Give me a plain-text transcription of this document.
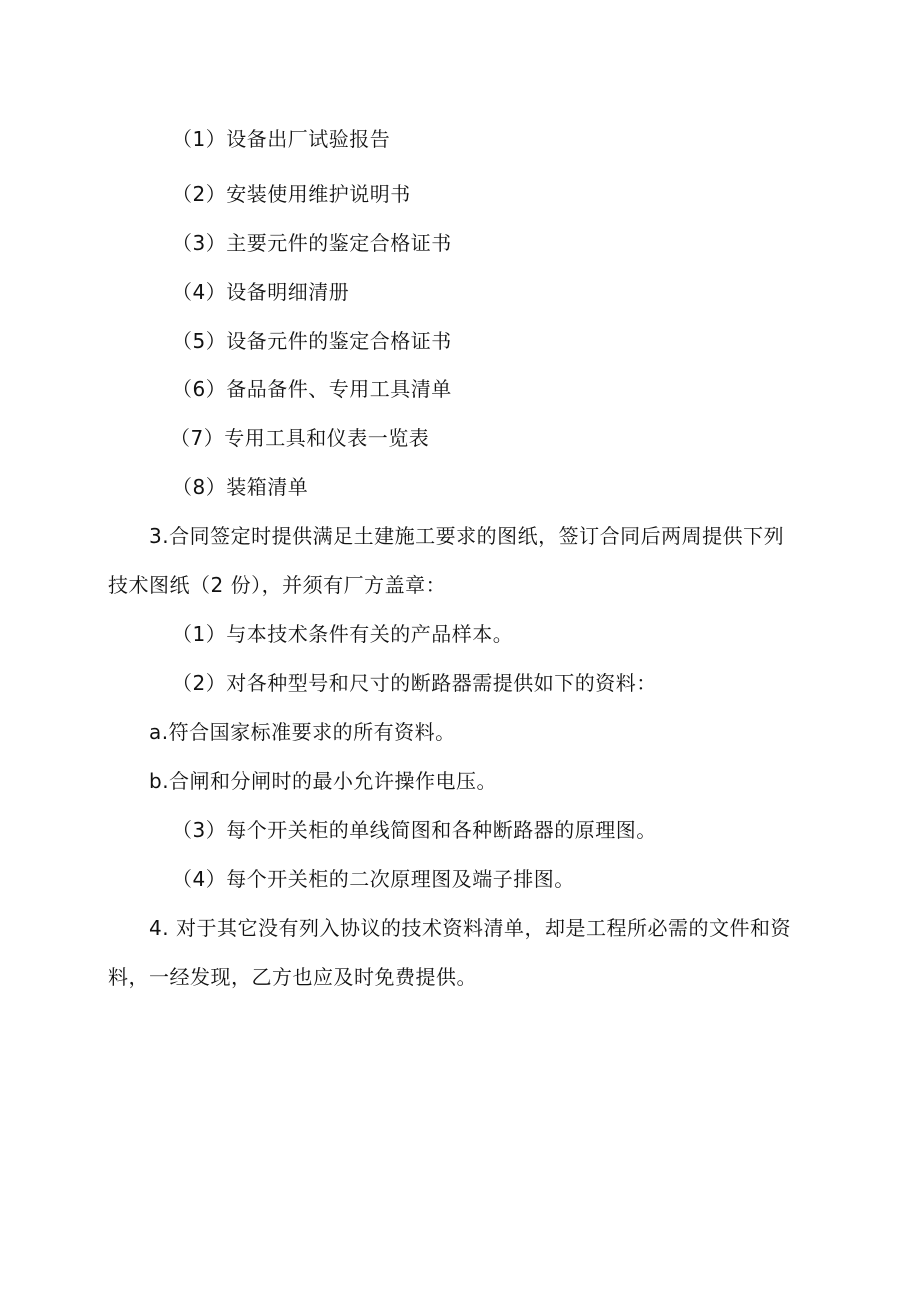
（1）设备出厂试验报告
（2）安装使用维护说明书
（3）主要元件的鉴定合格证书
（4）设备明细清册
（5）设备元件的鉴定合格证书
（6）备品备件、专用工具清单
（7）专用工具和仪表一览表
（8）装箱清单
3.合同签定时提供满足土建施工要求的图纸，签订合同后两周提供下列
技术图纸（2 份），并须有厂方盖章：
（1）与本技术条件有关的产品样本。
（2）对各种型号和尺寸的断路器需提供如下的资料：
a.符合国家标准要求的所有资料。
b.合闸和分闸时的最小允许操作电压。
（3）每个开关柜的单线简图和各种断路器的原理图。
（4）每个开关柜的二次原理图及端子排图。
4. 对于其它没有列入协议的技术资料清单，却是工程所必需的文件和资
料，一经发现，乙方也应及时免费提供。
